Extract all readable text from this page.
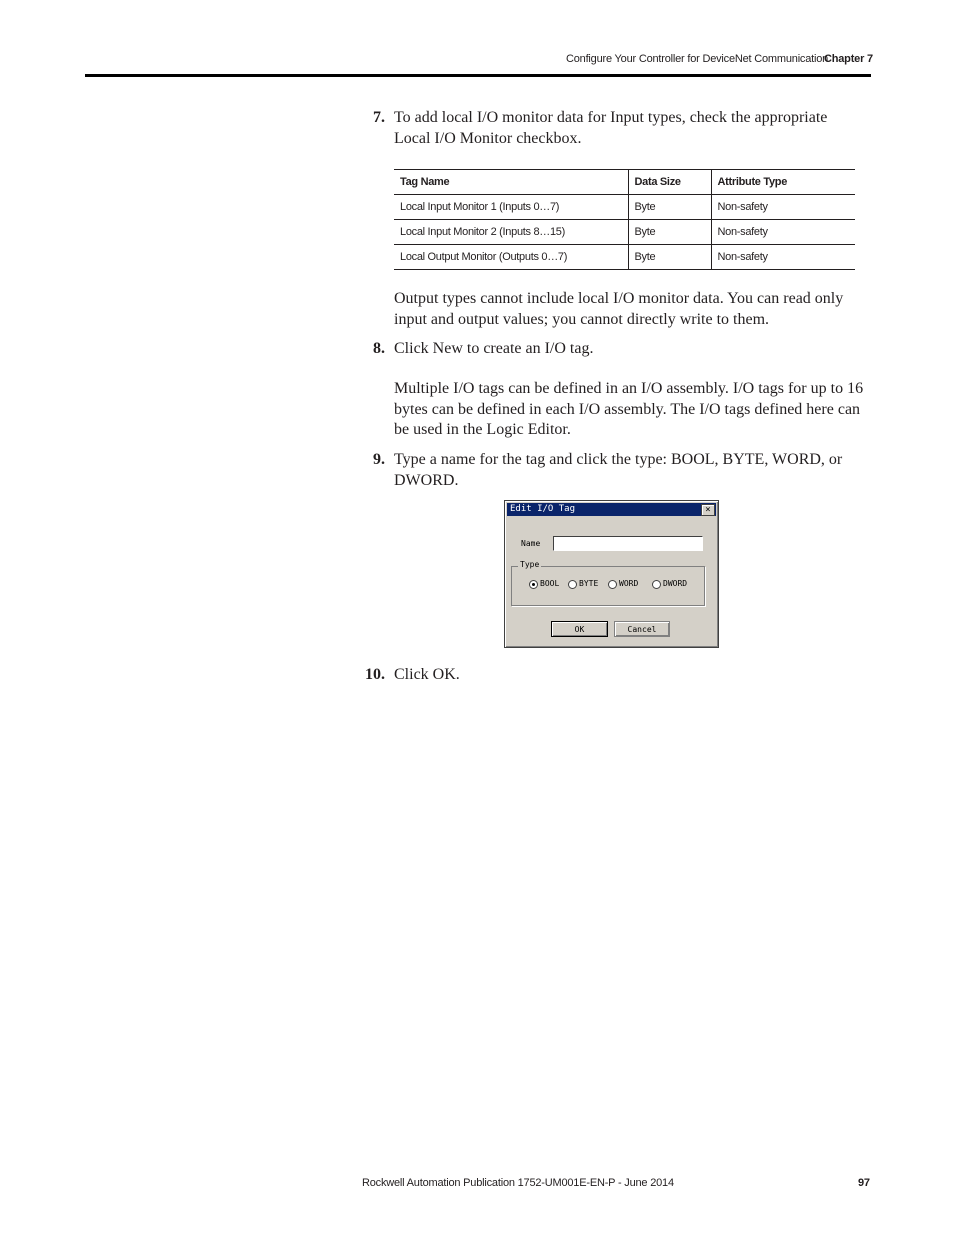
Configure Your Controller for DeviceNet Communication
Chapter 7
7. To add local I/O monitor data for Input types, check the appropriate
Local I/O Monitor checkbox.
Tag Name	Data Size	Attribute Type
Local Input Monitor 1 (Inputs 0…7)	Byte	Non-safety
Local Input Monitor 2 (Inputs 8…15)	Byte	Non-safety
Local Output Monitor (Outputs 0…7)	Byte	Non-safety
Output types cannot include local I/O monitor data. You can read only
input and output values; you cannot directly write to them.
8. Click New to create an I/O tag.
Multiple I/O tags can be defined in an I/O assembly. I/O tags for up to 16
bytes can be defined in each I/O assembly. The I/O tags defined here can
be used in the Logic Editor.
9. Type a name for the tag and click the type: BOOL, BYTE, WORD, or
DWORD.
Edit I/O Tag	×
Name
Type
BOOL BYTE	WORD	DWORD
OK	Cancel
10. Click OK.
Rockwell Automation Publication 1752-UM001E-EN-P - June 2014	97
